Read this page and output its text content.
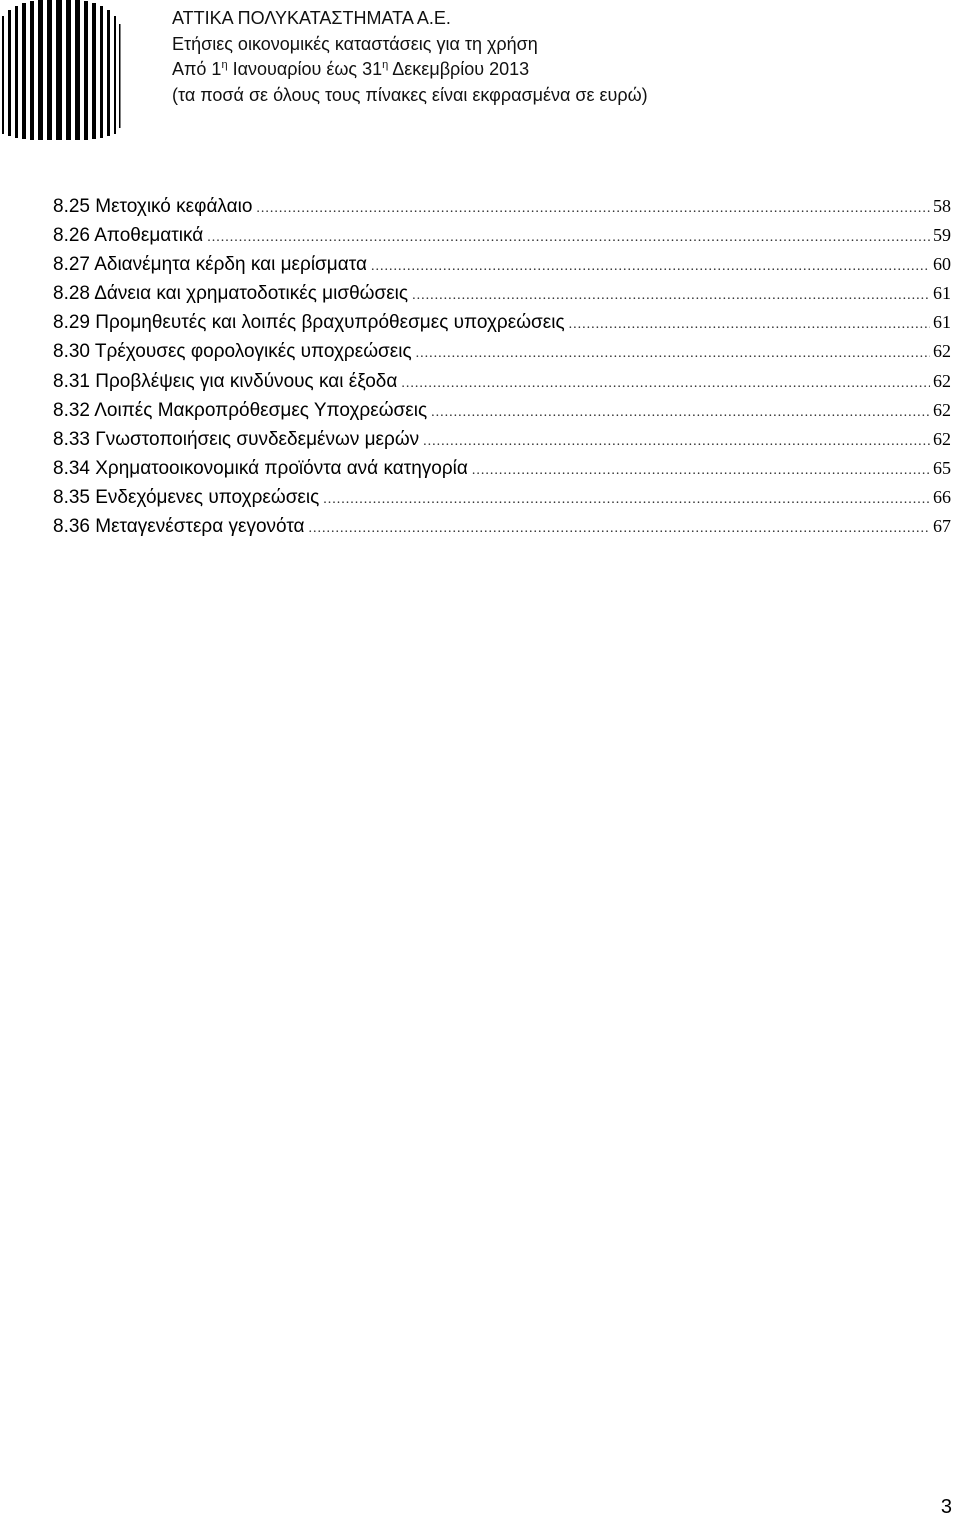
ΑΤΤΙΚΑ ΠΟΛΥΚΑΤΑΣΤΗΜΑΤΑ Α.Ε.
Ετήσιες οικονομικές καταστάσεις για τη χρήση
Από $1^\eta$ Ιανουαρίου έως $31^\eta$ Δεκεμβρίου 2013
(τα ποσά σε όλους τους πίνακες είναι εκφρασμένα σε ευρώ)
8.25 Μετοχικό κεφάλαιο .....	58
8.26 Αποθεματικά .....	59
8.27 Αδιανέμητα κέρδη και μερίσματα .....	60
8.28 Δάνεια και χρηματοδοτικές μισθώσεις .....	61
8.29 Προμηθευτές και λοιπές βραχυπρόθεσμες υποχρεώσεις .....	61
8.30 Τρέχουσες φορολογικές υποχρεώσεις .....	62
8.31 Προβλέψεις για κινδύνους και έξοδα .....	62
8.32 Λοιπές Μακροπρόθεσμες Υποχρεώσεις .....	62
8.33 Γνωστοποιήσεις συνδεδεμένων μερών .....	62
8.34 Χρηματοοικονομικά προϊόντα ανά κατηγορία .....	65
8.35 Ενδεχόμενες υποχρεώσεις .....	66
8.36 Μεταγενέστερα γεγονότα .....	67
3
